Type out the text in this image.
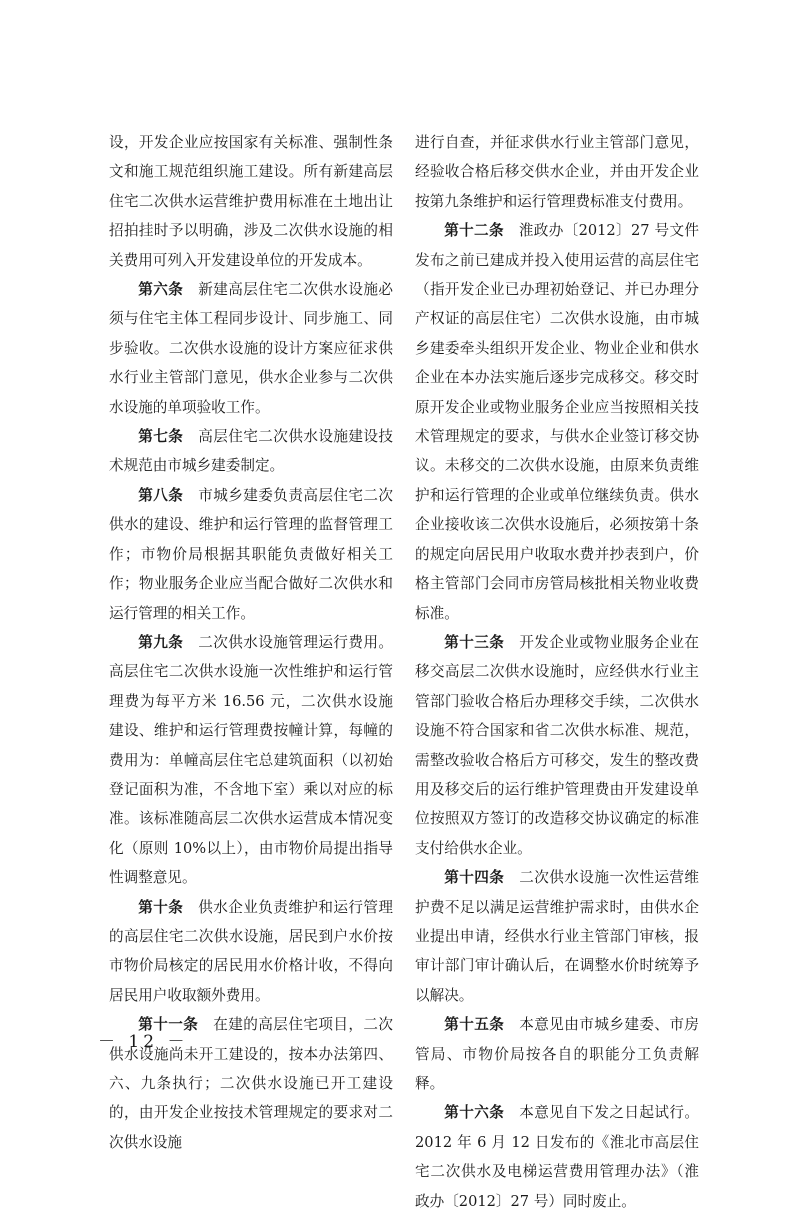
设，开发企业应按国家有关标准、强制性条文和施工规范组织施工建设。所有新建高层住宅二次供水运营维护费用标准在土地出让招拍挂时予以明确，涉及二次供水设施的相关费用可列入开发建设单位的开发成本。

第六条　新建高层住宅二次供水设施必须与住宅主体工程同步设计、同步施工、同步验收。二次供水设施的设计方案应征求供水行业主管部门意见，供水企业参与二次供水设施的单项验收工作。

第七条　高层住宅二次供水设施建设技术规范由市城乡建委制定。

第八条　市城乡建委负责高层住宅二次供水的建设、维护和运行管理的监督管理工作；市物价局根据其职能负责做好相关工作；物业服务企业应当配合做好二次供水和运行管理的相关工作。

第九条　二次供水设施管理运行费用。高层住宅二次供水设施一次性维护和运行管理费为每平方米 16.56 元，二次供水设施建设、维护和运行管理费按幢计算，每幢的费用为：单幢高层住宅总建筑面积（以初始登记面积为准，不含地下室）乘以对应的标准。该标准随高层二次供水运营成本情况变化（原则 10%以上），由市物价局提出指导性调整意见。

第十条　供水企业负责维护和运行管理的高层住宅二次供水设施，居民到户水价按市物价局核定的居民用水价格计收，不得向居民用户收取额外费用。

第十一条　在建的高层住宅项目，二次供水设施尚未开工建设的，按本办法第四、六、九条执行；二次供水设施已开工建设的，由开发企业按技术管理规定的要求对二次供水设施

进行自查，并征求供水行业主管部门意见，经验收合格后移交供水企业，并由开发企业按第九条维护和运行管理费标准支付费用。

第十二条　淮政办〔2012〕27 号文件发布之前已建成并投入使用运营的高层住宅（指开发企业已办理初始登记、并已办理分产权证的高层住宅）二次供水设施，由市城乡建委牵头组织开发企业、物业企业和供水企业在本办法实施后逐步完成移交。移交时原开发企业或物业服务企业应当按照相关技术管理规定的要求，与供水企业签订移交协议。未移交的二次供水设施，由原来负责维护和运行管理的企业或单位继续负责。供水企业接收该二次供水设施后，必须按第十条的规定向居民用户收取水费并抄表到户，价格主管部门会同市房管局核批相关物业收费标准。

第十三条　开发企业或物业服务企业在移交高层二次供水设施时，应经供水行业主管部门验收合格后办理移交手续，二次供水设施不符合国家和省二次供水标准、规范，需整改验收合格后方可移交，发生的整改费用及移交后的运行维护管理费由开发建设单位按照双方签订的改造移交协议确定的标准支付给供水企业。

第十四条　二次供水设施一次性运营维护费不足以满足运营维护需求时，由供水企业提出申请，经供水行业主管部门审核，报审计部门审计确认后，在调整水价时统筹予以解决。

第十五条　本意见由市城乡建委、市房管局、市物价局按各自的职能分工负责解释。

第十六条　本意见自下发之日起试行。2012 年 6 月 12 日发布的《淮北市高层住宅二次供水及电梯运营费用管理办法》（淮政办〔2012〕27 号）同时废止。

－ 12 －
